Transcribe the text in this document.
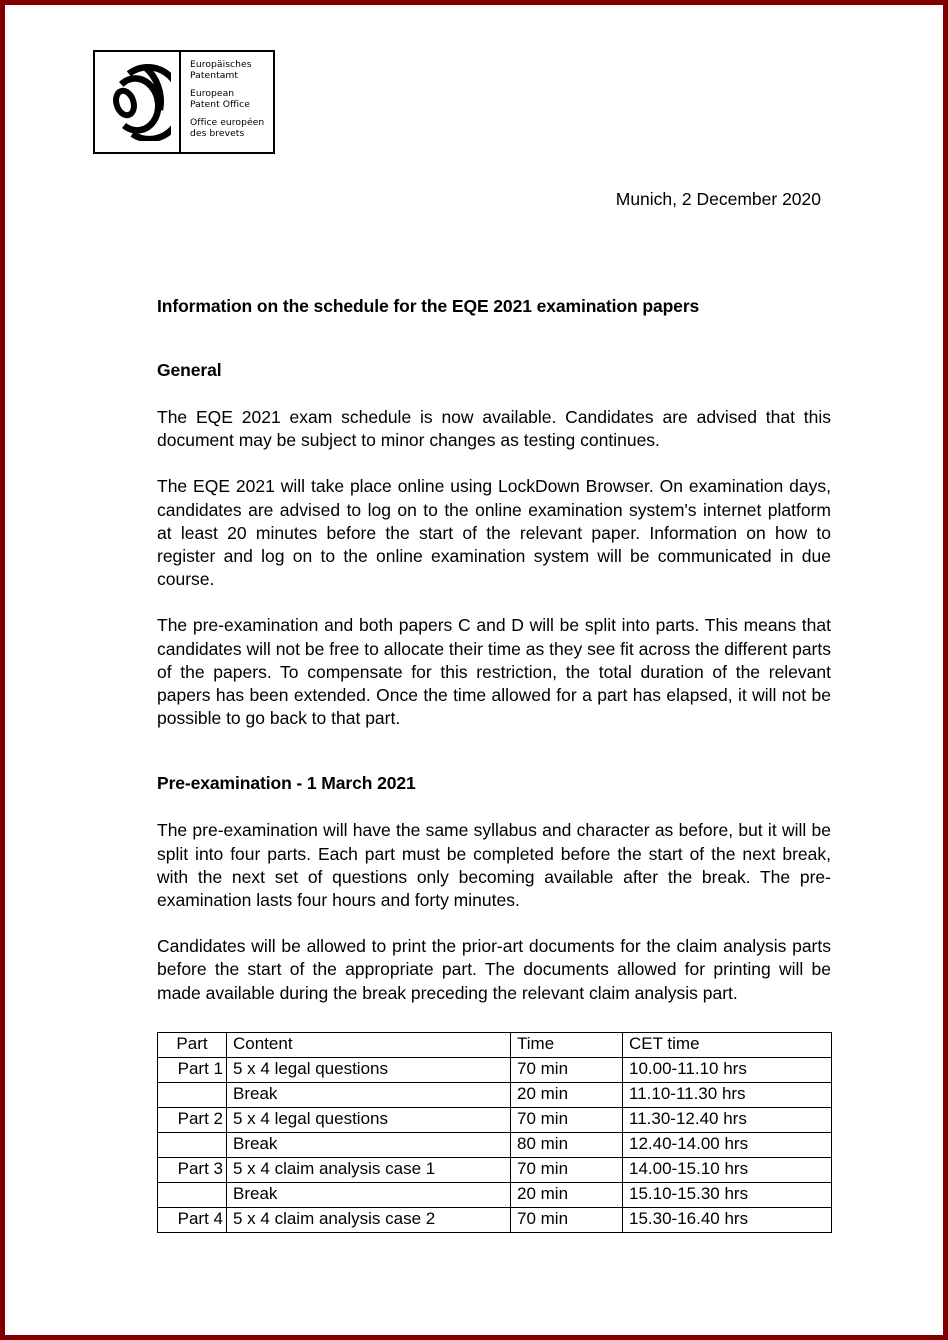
Europäisches
Patentamt
European
Patent Office
Office européen
des brevets
Munich, 2 December 2020
Information on the schedule for the EQE 2021 examination papers
General

The EQE 2021 exam schedule is now available. Candidates are advised that this document may be subject to minor changes as testing continues.

The EQE 2021 will take place online using LockDown Browser. On examination days, candidates are advised to log on to the online examination system's internet platform at least 20 minutes before the start of the relevant paper. Information on how to register and log on to the online examination system will be communicated in due course.

The pre-examination and both papers C and D will be split into parts. This means that candidates will not be free to allocate their time as they see fit across the different parts of the papers. To compensate for this restriction, the total duration of the relevant papers has been extended. Once the time allowed for a part has elapsed, it will not be possible to go back to that part.

Pre-examination - 1 March 2021

The pre-examination will have the same syllabus and character as before, but it will be split into four parts. Each part must be completed before the start of the next break, with the next set of questions only becoming available after the break. The pre-examination lasts four hours and forty minutes.

Candidates will be allowed to print the prior-art documents for the claim analysis parts before the start of the appropriate part. The documents allowed for printing will be made available during the break preceding the relevant claim analysis part.

Part	Content	Time	CET time
Part 1	5 x 4 legal questions	70 min	10.00-11.10 hrs
	Break	20 min	11.10-11.30 hrs
Part 2	5 x 4 legal questions	70 min	11.30-12.40 hrs
	Break	80 min	12.40-14.00 hrs
Part 3	5 x 4 claim analysis case 1	70 min	14.00-15.10 hrs
	Break	20 min	15.10-15.30 hrs
Part 4	5 x 4 claim analysis case 2	70 min	15.30-16.40 hrs
